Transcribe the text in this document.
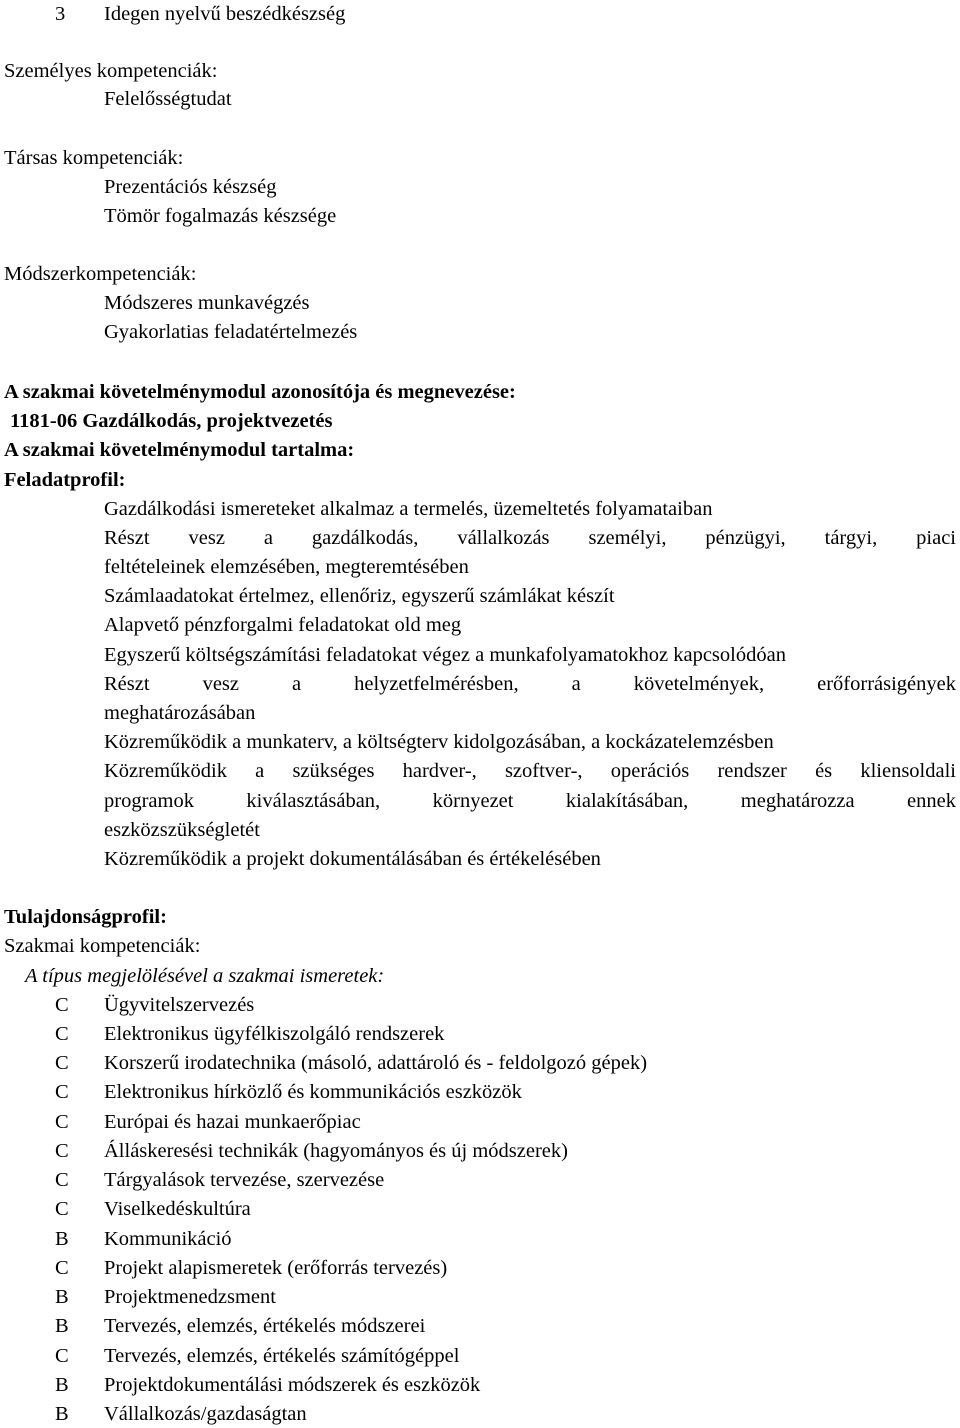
3 Idegen nyelvű beszédkészség
Személyes kompetenciák:
Felelősségtudat
Társas kompetenciák:
Prezentációs készség
Tömör fogalmazás készsége
Módszerkompetenciák:
Módszeres munkavégzés
Gyakorlatias feladatértelmezés
A szakmai követelménymodul azonosítója és megnevezése:
1181-06 Gazdálkodás, projektvezetés
A szakmai követelménymodul tartalma:
Feladatprofil:
Gazdálkodási ismereteket alkalmaz a termelés, üzemeltetés folyamataiban
Részt vesz a gazdálkodás, vállalkozás személyi, pénzügyi, tárgyi, piaci
feltételeinek elemzésében, megteremtésében
Számlaadatokat értelmez, ellenőriz, egyszerű számlákat készít
Alapvető pénzforgalmi feladatokat old meg
Egyszerű költségszámítási feladatokat végez a munkafolyamatokhoz kapcsolódóan
Részt vesz a helyzetfelmérésben, a követelmények, erőforrásigények
meghatározásában
Közreműködik a munkaterv, a költségterv kidolgozásában, a kockázatelemzésben
Közreműködik a szükséges hardver-, szoftver-, operációs rendszer és kliensoldali
programok kiválasztásában, környezet kialakításában, meghatározza ennek
eszközszükségletét
Közreműködik a projekt dokumentálásában és értékelésében
Tulajdonságprofil:
Szakmai kompetenciák:
A típus megjelölésével a szakmai ismeretek:
C Ügyvitelszervezés
C Elektronikus ügyfélkiszolgáló rendszerek
C Korszerű irodatechnika (másoló, adattároló és - feldolgozó gépek)
C Elektronikus hírközlő és kommunikációs eszközök
C Európai és hazai munkaerőpiac
C Álláskeresési technikák (hagyományos és új módszerek)
C Tárgyalások tervezése, szervezése
C Viselkedéskultúra
B Kommunikáció
C Projekt alapismeretek (erőforrás tervezés)
B Projektmenedzsment
B Tervezés, elemzés, értékelés módszerei
C Tervezés, elemzés, értékelés számítógéppel
B Projektdokumentálási módszerek és eszközök
B Vállalkozás/gazdaságtan
